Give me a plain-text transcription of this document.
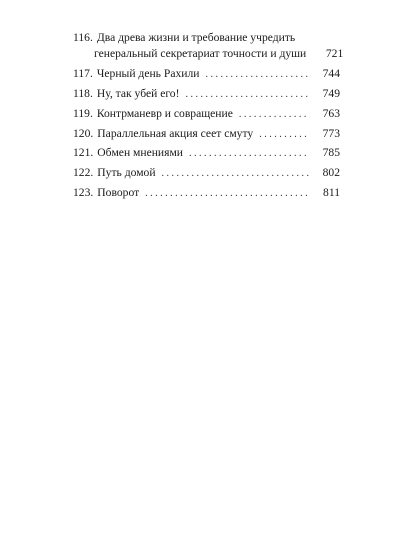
116. Два древа жизни и требование учредить
генеральный секретариат точности и души	721
117. Черный день Рахили . . .	744
118. Ну, так убей его! . . .	749
119. Контрманевр и совращение . . .	763
120. Параллельная акция сеет смуту . . .	773
121. Обмен мнениями . . .	785
122. Путь домой . . .	802
123. Поворот . . .	811
